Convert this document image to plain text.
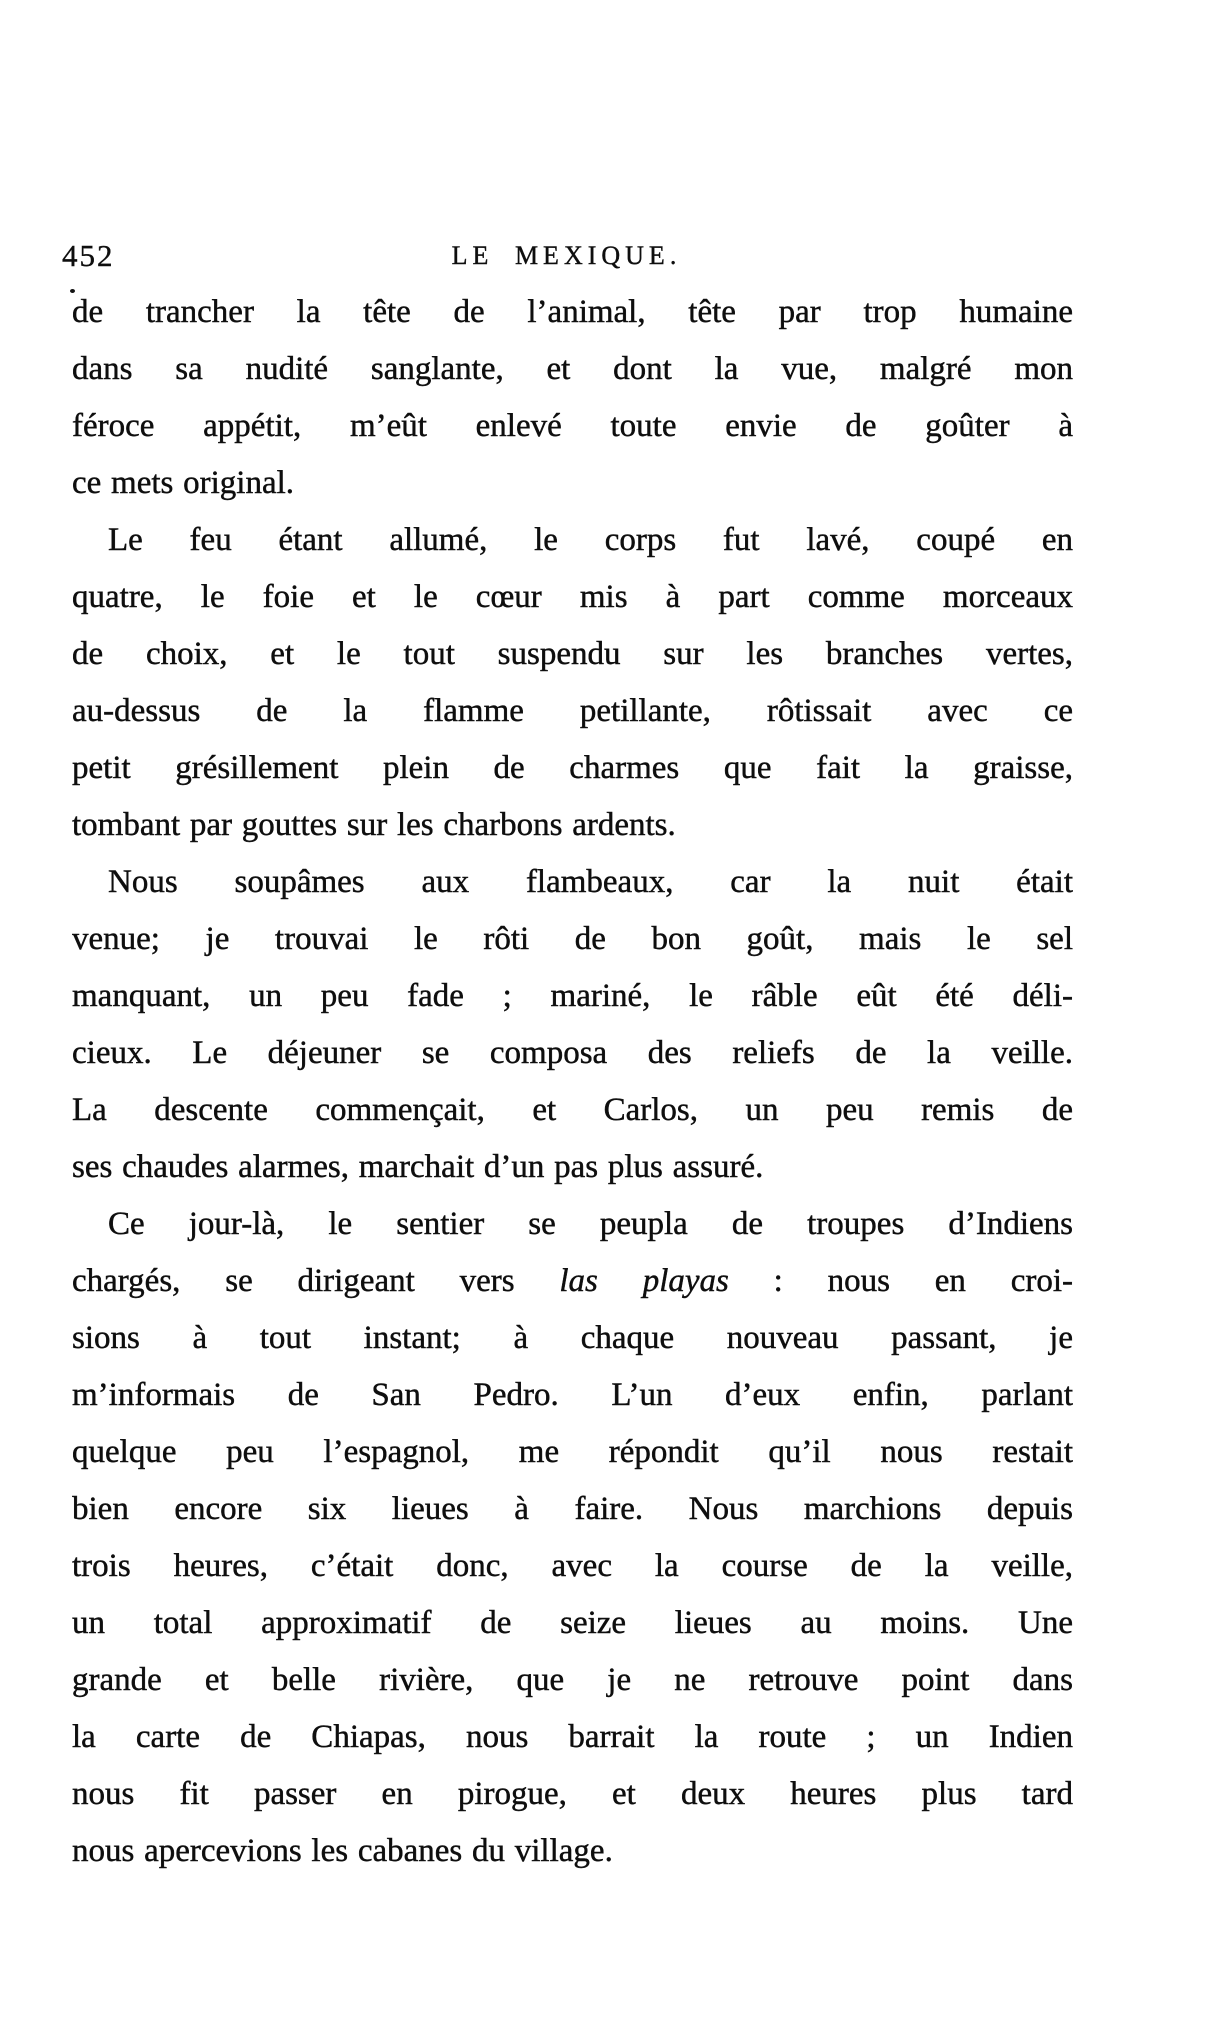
452	LE MEXIQUE.
de trancher la tête de l’animal, tête par trop humaine
dans sa nudité sanglante, et dont la vue, malgré mon
féroce appétit, m’eût enlevé toute envie de goûter à
ce mets original.
Le feu étant allumé, le corps fut lavé, coupé en
quatre, le foie et le cœur mis à part comme morceaux
de choix, et le tout suspendu sur les branches vertes,
au-dessus de la flamme petillante, rôtissait avec ce
petit grésillement plein de charmes que fait la graisse,
tombant par gouttes sur les charbons ardents.
Nous soupâmes aux flambeaux, car la nuit était
venue; je trouvai le rôti de bon goût, mais le sel
manquant, un peu fade ; mariné, le râble eût été déli-
cieux. Le déjeuner se composa des reliefs de la veille.
La descente commençait, et Carlos, un peu remis de
ses chaudes alarmes, marchait d’un pas plus assuré.
Ce jour-là, le sentier se peupla de troupes d’Indiens
chargés, se dirigeant vers las playas : nous en croi-
sions à tout instant; à chaque nouveau passant, je
m’informais de San Pedro. L’un d’eux enfin, parlant
quelque peu l’espagnol, me répondit qu’il nous restait
bien encore six lieues à faire. Nous marchions depuis
trois heures, c’était donc, avec la course de la veille,
un total approximatif de seize lieues au moins. Une
grande et belle rivière, que je ne retrouve point dans
la carte de Chiapas, nous barrait la route ; un Indien
nous fit passer en pirogue, et deux heures plus tard
nous apercevions les cabanes du village.
